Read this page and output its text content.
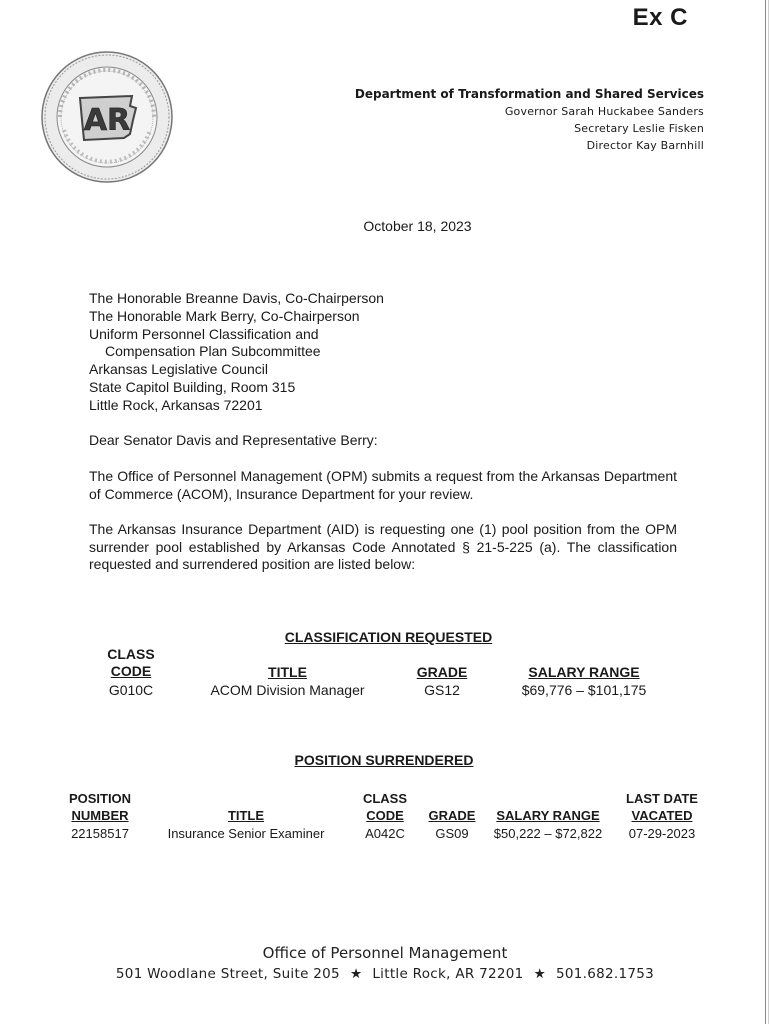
Ex C
AR
Department of Transformation and Shared Services
Governor Sarah Huckabee Sanders
Secretary Leslie Fisken
Director Kay Barnhill
October 18, 2023
The Honorable Breanne Davis, Co-Chairperson
The Honorable Mark Berry, Co-Chairperson
Uniform Personnel Classification and
Compensation Plan Subcommittee
Arkansas Legislative Council
State Capitol Building, Room 315
Little Rock, Arkansas 72201
Dear Senator Davis and Representative Berry:
The Office of Personnel Management (OPM) submits a request from the Arkansas Department of Commerce (ACOM), Insurance Department for your review.
The Arkansas Insurance Department (AID) is requesting one (1) pool position from the OPM surrender pool established by Arkansas Code Annotated § 21-5-225 (a). The classification requested and surrendered position are listed below:
CLASSIFICATION REQUESTED
CLASS
CODE
G010C
TITLE
ACOM Division Manager
GRADE
GS12
SALARY RANGE
$69,776 – $101,175
POSITION SURRENDERED
POSITION
NUMBER
22158517
TITLE
Insurance Senior Examiner
CLASS
CODE
A042C
GRADE
GS09
SALARY RANGE
$50,222 – $72,822
LAST DATE
VACATED
07-29-2023
Office of Personnel Management
501 Woodlane Street, Suite 205 ★ Little Rock, AR 72201 ★ 501.682.1753
